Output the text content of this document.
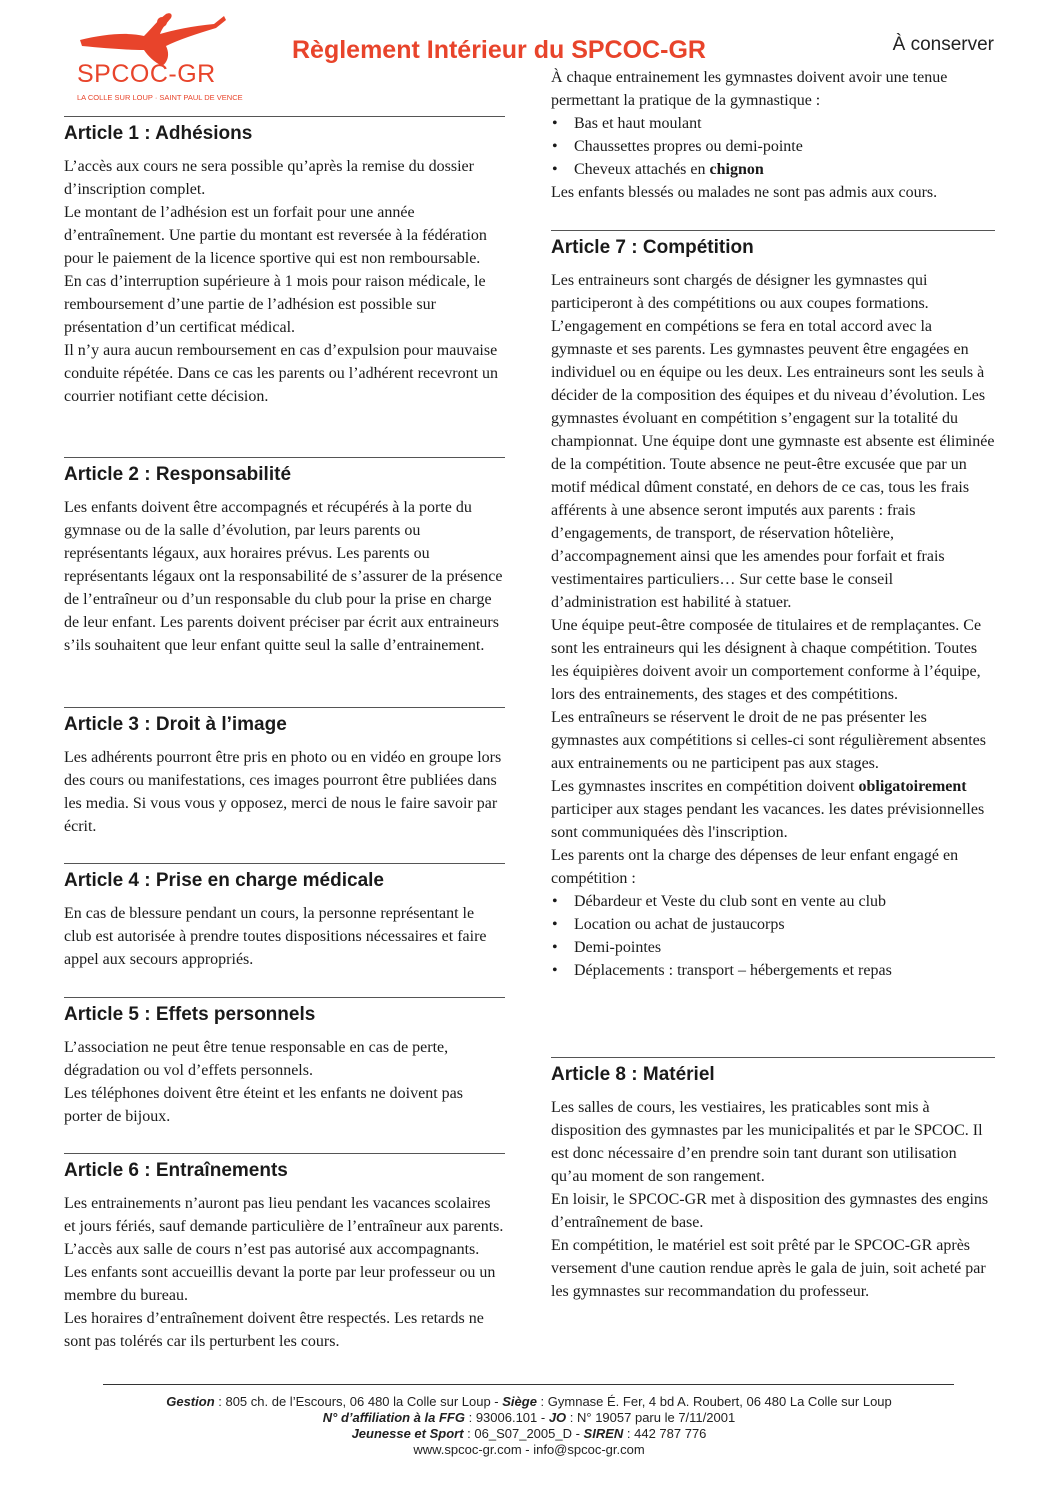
SPCOC-GR
LA COLLE SUR LOUP · SAINT PAUL DE VENCE
Règlement Intérieur du SPCOC-GR	À conserver
Article 1 : Adhésions

L’accès aux cours ne sera possible qu’après la remise du dossier d’inscription complet.
Le montant de l’adhésion est un forfait pour une année d’entraînement. Une partie du montant est reversée à la fédération pour le paiement de la licence sportive qui est non remboursable.
En cas d’interruption supérieure à 1 mois pour raison médicale, le remboursement d’une partie de l’adhésion est possible sur présentation d’un certificat médical.
Il n’y aura aucun remboursement en cas d’expulsion pour mauvaise conduite répétée. Dans ce cas les parents ou l’adhérent recevront un courrier notifiant cette décision.

Article 2 : Responsabilité

Les enfants doivent être accompagnés et récupérés à la porte du gymnase ou de la salle d’évolution, par leurs parents ou représentants légaux, aux horaires prévus. Les parents ou représentants légaux ont la responsabilité de s’assurer de la présence de l’entraîneur ou d’un responsable du club pour la prise en charge de leur enfant. Les parents doivent préciser par écrit aux entraineurs s’ils souhaitent que leur enfant quitte seul la salle d’entrainement.

Article 3 : Droit à l’image

Les adhérents pourront être pris en photo ou en vidéo en groupe lors des cours ou manifestations, ces images pourront être publiées dans les media. Si vous vous y opposez, merci de nous le faire savoir par écrit.

Article 4 : Prise en charge médicale

En cas de blessure pendant un cours, la personne représentant le club est autorisée à prendre toutes dispositions nécessaires et faire appel aux secours appropriés.

Article 5 : Effets personnels

L’association ne peut être tenue responsable en cas de perte, dégradation ou vol d’effets personnels.
Les téléphones doivent être éteint et les enfants ne doivent pas porter de bijoux.

Article 6 : Entraînements

Les entrainements n’auront pas lieu pendant les vacances scolaires et jours fériés, sauf demande particulière de l’entraîneur aux parents.
L’accès aux salle de cours n’est pas autorisé aux accompagnants. Les enfants sont accueillis devant la porte par leur professeur ou un membre du bureau.
Les horaires d’entraînement doivent être respectés. Les retards ne sont pas tolérés car ils perturbent les cours.

À chaque entrainement les gymnastes doivent avoir une tenue permettant la pratique de la gymnastique :

• Bas et haut moulant
• Chaussettes propres ou demi-pointe
• Cheveux attachés en chignon

Les enfants blessés ou malades ne sont pas admis aux cours.

Article 7 : Compétition

Les entraineurs sont chargés de désigner les gymnastes qui participeront à des compétitions ou aux coupes formations. L’engagement en compétions se fera en total accord avec la gymnaste et ses parents. Les gymnastes peuvent être engagées en individuel ou en équipe ou les deux. Les entraineurs sont les seuls à décider de la composition des équipes et du niveau d’évolution. Les gymnastes évoluant en compétition s’engagent sur la totalité du championnat. Une équipe dont une gymnaste est absente est éliminée de la compétition. Toute absence ne peut-être excusée que par un motif médical dûment constaté, en dehors de ce cas, tous les frais afférents à une absence seront imputés aux parents : frais d’engagements, de transport, de réservation hôtelière, d’accompagnement ainsi que les amendes pour forfait et frais vestimentaires particuliers… Sur cette base le conseil d’administration est habilité à statuer.
Une équipe peut-être composée de titulaires et de remplaçantes. Ce sont les entraineurs qui les désignent à chaque compétition. Toutes les équipières doivent avoir un comportement conforme à l’équipe, lors des entrainements, des stages et des compétitions.
Les entraîneurs se réservent le droit de ne pas présenter les gymnastes aux compétitions si celles-ci sont régulièrement absentes aux entrainements ou ne participent pas aux stages.
Les gymnastes inscrites en compétition doivent obligatoirement participer aux stages pendant les vacances. les dates prévisionnelles sont communiquées dès l'inscription.
Les parents ont la charge des dépenses de leur enfant engagé en compétition :

• Débardeur et Veste du club sont en vente au club
• Location ou achat de justaucorps
• Demi-pointes
• Déplacements : transport – hébergements et repas
Article 8 : Matériel

Les salles de cours, les vestiaires, les praticables sont mis à disposition des gymnastes par les municipalités et par le SPCOC. Il est donc nécessaire d’en prendre soin tant durant son utilisation qu’au moment de son rangement.
En loisir, le SPCOC-GR met à disposition des gymnastes des engins d’entraînement de base.
En compétition, le matériel est soit prêté par le SPCOC-GR après versement d'une caution rendue après le gala de juin, soit acheté par les gymnastes sur recommandation du professeur.

Gestion : 805 ch. de l’Escours, 06 480 la Colle sur Loup - Siège : Gymnase É. Fer, 4 bd A. Roubert, 06 480 La Colle sur Loup
N° d’affiliation à la FFG : 93006.101 - JO : N° 19057 paru le 7/11/2001
Jeunesse et Sport : 06_S07_2005_D - SIREN : 442 787 776
www.spcoc-gr.com - info@spcoc-gr.com
